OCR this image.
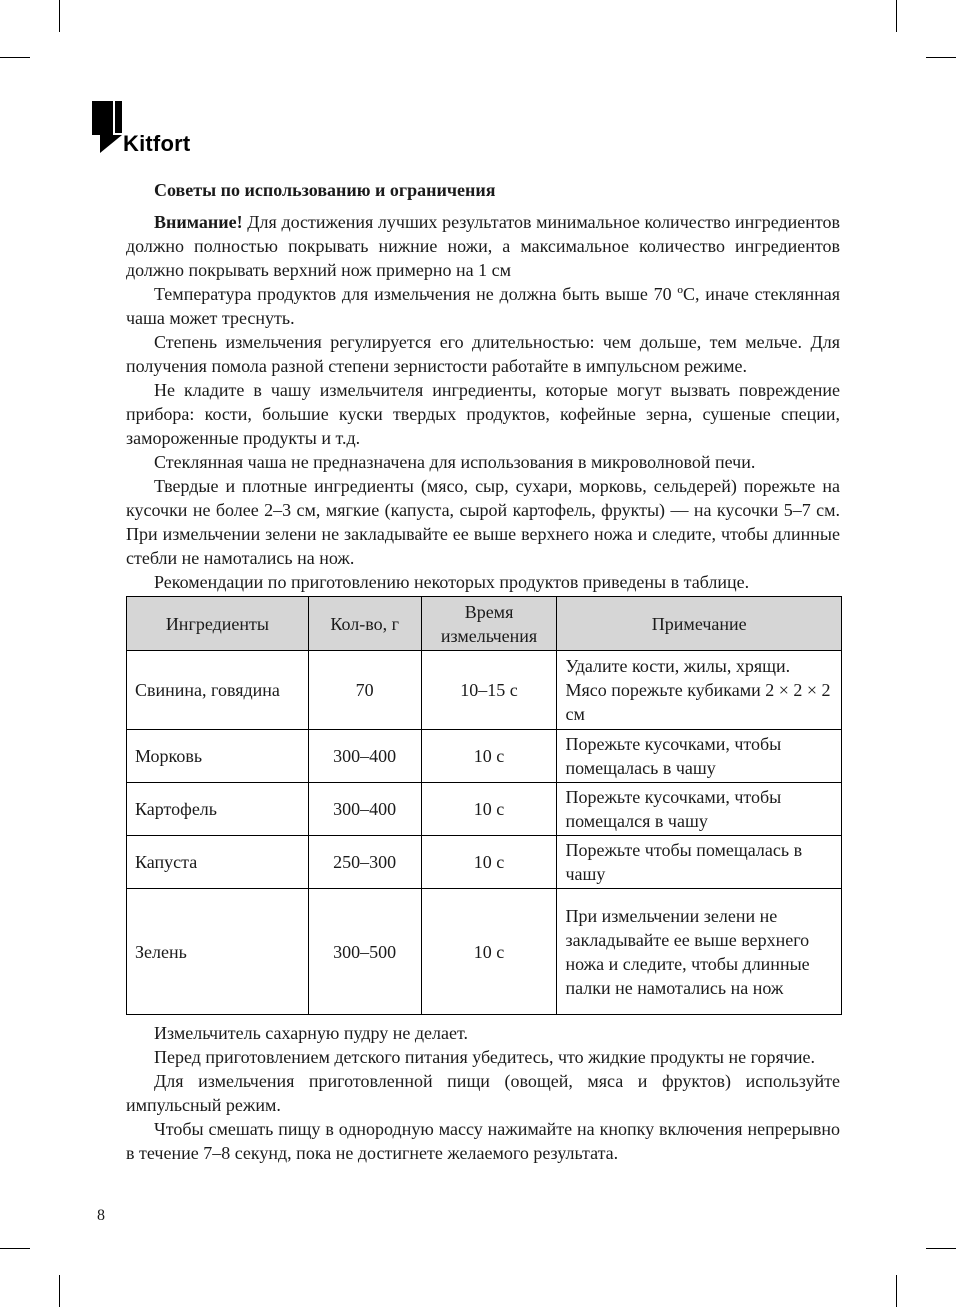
Kitfort
Советы по использованию и ограничения

Внимание! Для достижения лучших результатов минимальное количество ингредиентов должно полностью покрывать нижние ножи, а максимальное количество ингредиентов должно покрывать верхний нож примерно на 1 см

Температура продуктов для измельчения не должна быть выше 70 ºС, иначе стеклянная чаша может треснуть.

Степень измельчения регулируется его длительностью: чем дольше, тем мельче. Для получения помола разной степени зернистости работайте в импульсном режиме.

Не кладите в чашу измельчителя ингредиенты, которые могут вызвать повреждение прибора: кости, большие куски твердых продуктов, кофейные зерна, сушеные специи, замороженные продукты и т.д.

Стеклянная чаша не предназначена для использования в микроволновой печи.

Твердые и плотные ингредиенты (мясо, сыр, сухари, морковь, сельдерей) порежьте на кусочки не более 2–3 см, мягкие (капуста, сырой картофель, фрукты) — на кусочки 5–7 см. При измельчении зелени не закладывайте ее выше верхнего ножа и следите, чтобы длинные стебли не намотались на нож.

Рекомендации по приготовлению некоторых продуктов приведены в таблице.

Ингредиенты	Кол-во, г	Время измельчения	Примечание
Свинина, говядина	70	10–15 с	Удалите кости, жилы, хрящи. Мясо порежьте кубиками 2 × 2 × 2 см
Морковь	300–400	10 с	Порежьте кусочками, чтобы помещалась в чашу
Картофель	300–400	10 с	Порежьте кусочками, чтобы помещался в чашу
Капуста	250–300	10 с	Порежьте чтобы помещалась в чашу
Зелень	300–500	10 с	При измельчении зелени не закладывайте ее выше верхнего ножа и следите, чтобы длинные палки не намотались на нож

Измельчитель сахарную пудру не делает.

Перед приготовлением детского питания убедитесь, что жидкие продукты не горячие.

Для измельчения приготовленной пищи (овощей, мяса и фруктов) используйте импульсный режим.

Чтобы смешать пищу в однородную массу нажимайте на кнопку включения непрерывно в течение 7–8 секунд, пока не достигнете желаемого результата.

8
